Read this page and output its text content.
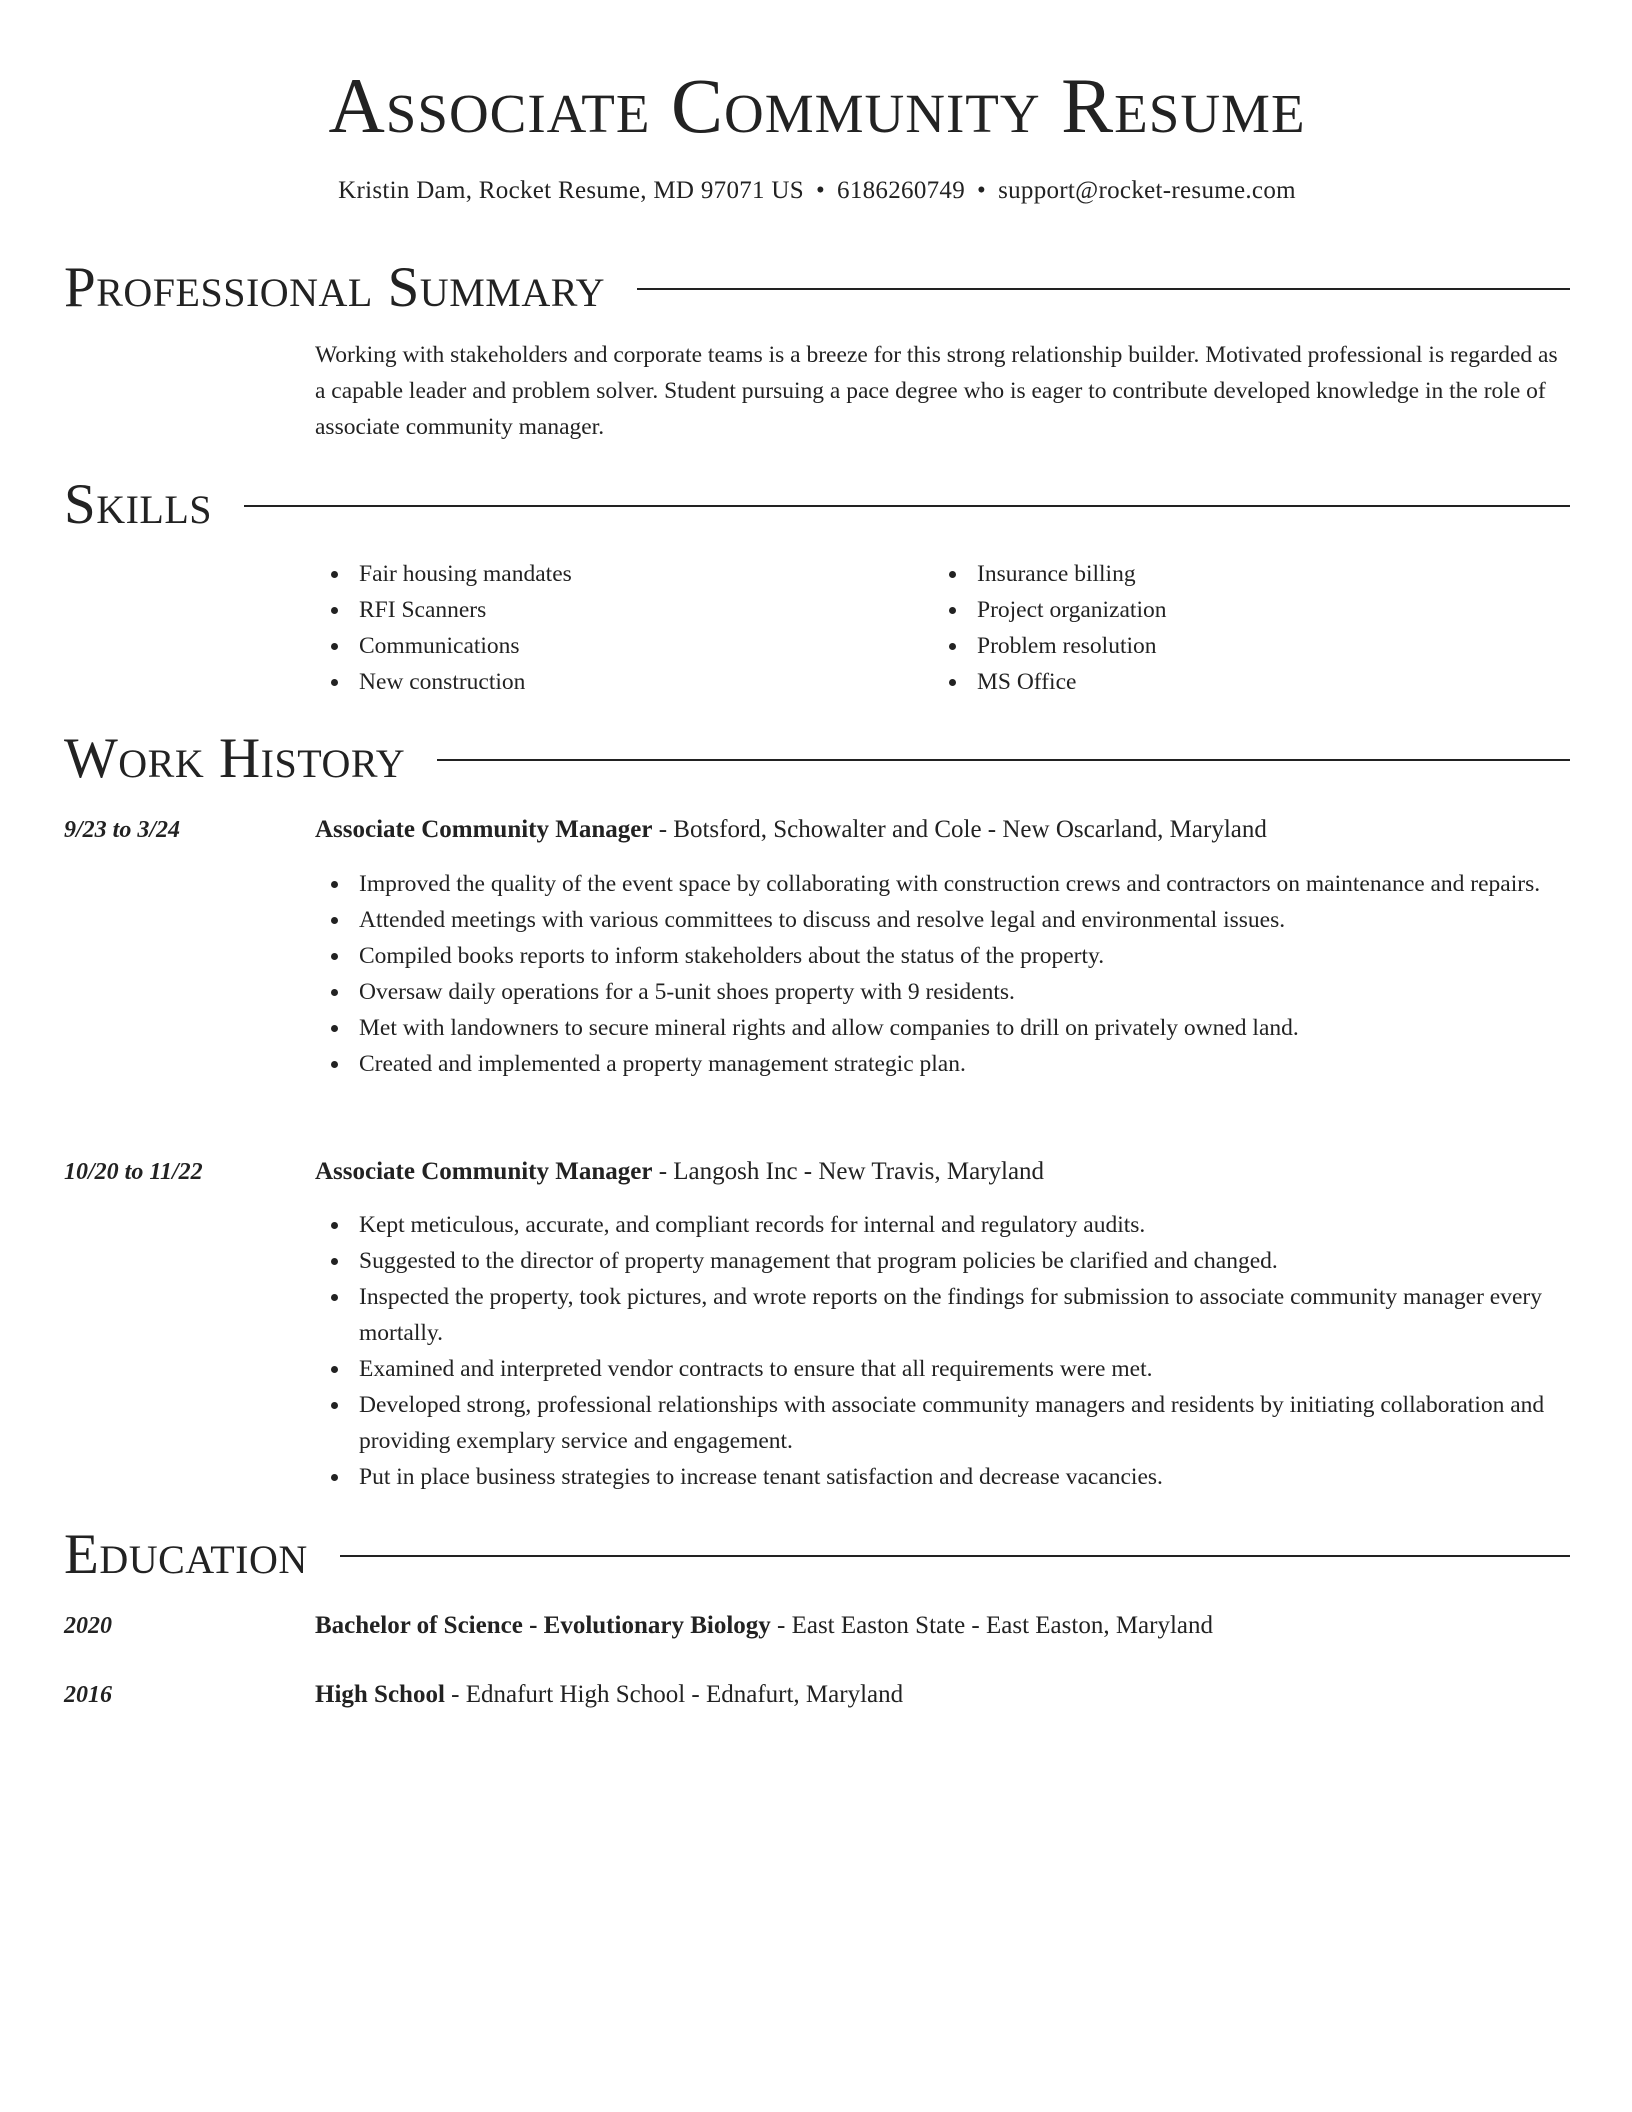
Associate Community Resume
Kristin Dam, Rocket Resume, MD 97071 US • 6186260749 • support@rocket-resume.com
Professional Summary
Working with stakeholders and corporate teams is a breeze for this strong relationship builder. Motivated professional is regarded as a capable leader and problem solver. Student pursuing a pace degree who is eager to contribute developed knowledge in the role of associate community manager.
Skills
Fair housing mandates
RFI Scanners
Communications
New construction
Insurance billing
Project organization
Problem resolution
MS Office
Work History
9/23 to 3/24	Associate Community Manager - Botsford, Schowalter and Cole - New Oscarland, Maryland
Improved the quality of the event space by collaborating with construction crews and contractors on maintenance and repairs.
Attended meetings with various committees to discuss and resolve legal and environmental issues.
Compiled books reports to inform stakeholders about the status of the property.
Oversaw daily operations for a 5-unit shoes property with 9 residents.
Met with landowners to secure mineral rights and allow companies to drill on privately owned land.
Created and implemented a property management strategic plan.
10/20 to 11/22	Associate Community Manager - Langosh Inc - New Travis, Maryland
Kept meticulous, accurate, and compliant records for internal and regulatory audits.
Suggested to the director of property management that program policies be clarified and changed.
Inspected the property, took pictures, and wrote reports on the findings for submission to associate community manager every mortally.
Examined and interpreted vendor contracts to ensure that all requirements were met.
Developed strong, professional relationships with associate community managers and residents by initiating collaboration and providing exemplary service and engagement.
Put in place business strategies to increase tenant satisfaction and decrease vacancies.
Education
2020	Bachelor of Science - Evolutionary Biology - East Easton State - East Easton, Maryland
2016	High School - Ednafurt High School - Ednafurt, Maryland
